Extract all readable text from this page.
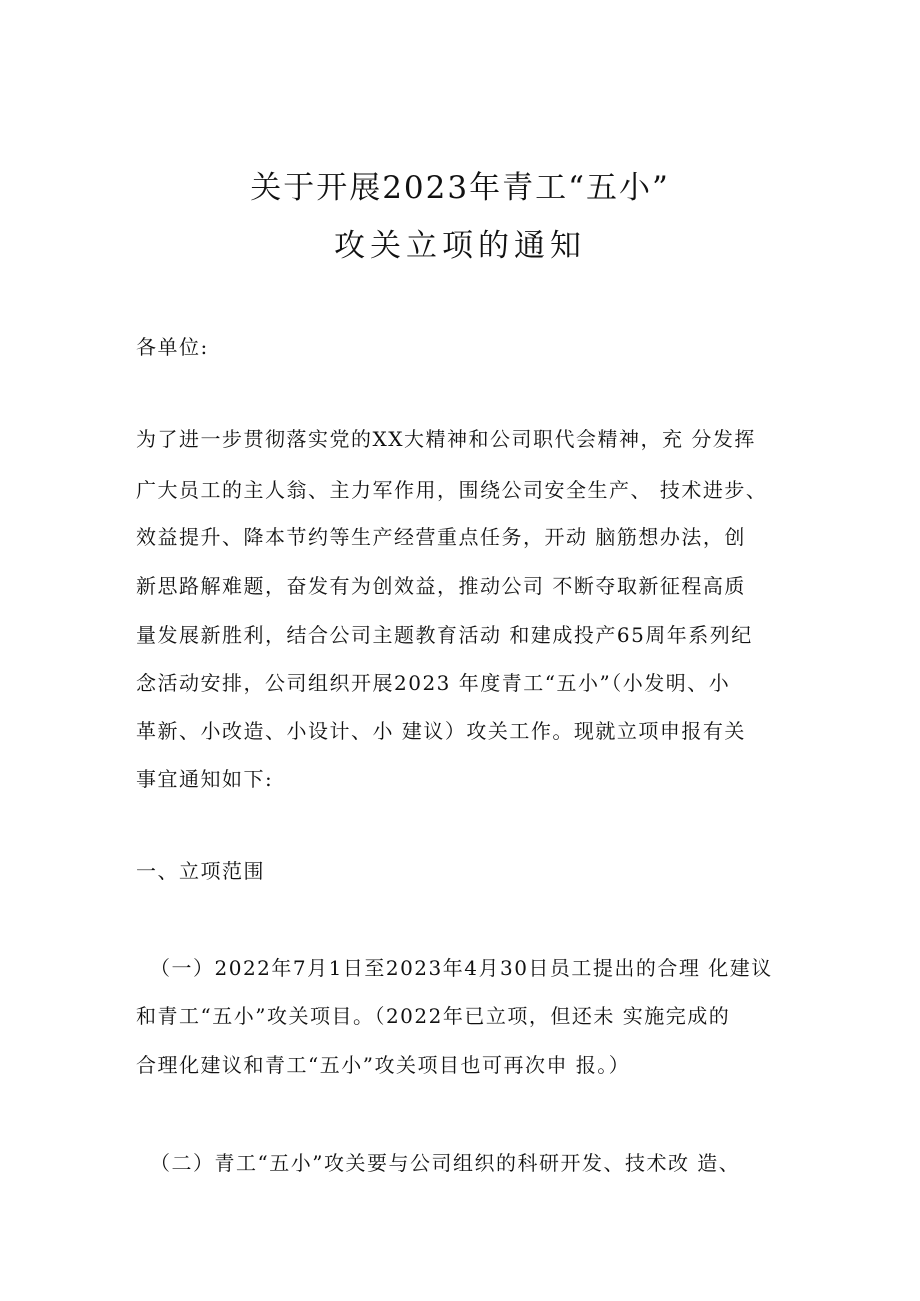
关于开展2023年青工“五小”
攻关立项的通知
各单位:
为了进一步贯彻落实党的XX大精神和公司职代会精神，充 分发挥
广大员工的主人翁、主力军作用，围绕公司安全生产、 技术进步、
效益提升、降本节约等生产经营重点任务，开动 脑筋想办法，创
新思路解难题，奋发有为创效益，推动公司 不断夺取新征程高质
量发展新胜利，结合公司主题教育活动 和建成投产65周年系列纪
念活动安排，公司组织开展2023 年度青工“五小”（小发明、小
革新、小改造、小设计、小 建议）攻关工作。现就立项申报有关
事宜通知如下:
一、立项范围
（一）2022年7月1日至2023年4月30日员工提出的合理 化建议
和青工“五小”攻关项目。（2022年已立项，但还未 实施完成的
合理化建议和青工“五小”攻关项目也可再次申 报。）
（二）青工“五小”攻关要与公司组织的科研开发、技术改 造、
